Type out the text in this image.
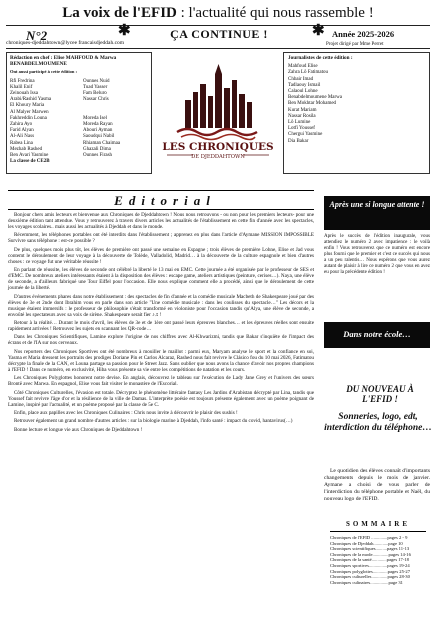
La voix de l'EFID : l'actualité qui nous rassemble !
N°2	✱	ÇA CONTINUE !	✱ Année 2025-2026
chroniques-djeddahtown@lycee francaisdjeddah.com	Projet dirigé par Mme Perret
Rédaction en chef : Elise MAHFOUD & Marwa BENABDELMOUMENE
Ont aussi participé à cette édition :
Rfi Fredrina
Khalil Enif
Zeinouah Issa
Arabi/Rashid Yasma
El Khoury Maria
Al Malyer Marwen
Fakhreddin Louna
Zahira Ayo
Farid Alyan
Al-Ali Nass
Rabea Lina
Mezhab Rashed
Ben Avari Yasmine
La classe de CE2B
Ounnes Nuid
Tuad Yasser
Fam Beluro
Nassar Chris
Moreda Isel
Moreda Rayan
Abouri Ayman
Saoudqui Nabil
Rhiaman Chaimaa
Ghazali Dima
Ounnes Firash
LES CHRONIQUES
DE DJEDDAHTOWN
Journalistes de cette édition :
Mahfoud Elise
Zahra Lô Fatimatou
Chbair Imad
Tadlaouy Ismail
Calaoul Lohne
Benabdelmoumene Marwa
Ben Mokhtar Mohamed
Kurat Mariam
Nassar Rosila
Lô Lumine
Lotfi Youssef
Chergui Yasmine
Dia Bakar
Editorial

Bonjour chers amis lecteurs et bienvenue aux Chroniques de Djeddahtown ! Nous nous retrouvons - ou non pour les premiers lecteurs- pour une deuxième édition tant attendue. Vous y retrouverez à travers divers articles les actualités de l'établissement en cette fin d'année avec les spectacles, les voyages scolaires.. mais aussi les actualités à Djeddah et dans le monde.

Récemment, les téléphones portables ont été interdits dans l'établissement ; apprenez en plus dans l'article d'Aymane MISSION IMPOSSIBLE Survivre sans téléphone : est-ce possible ?

De plus, quelques mois plus tôt, les élèves de première ont passé une semaine en Espagne ; trois élèves de première Lohne, Elise et Jad vous contemt le déroulement de leur voyage à la découverte de Tolède, Valladolid, Madrid… à la découverte de la culture espagnole et bien d'autres choses : ce voyage fut une véritable réussite !

En parlant de réussite, les élèves de seconde ont célébré la liberté le 13 mai en EMC. Cette journée a été organisée par le professeur de SES et d'EMC. De nombreux ateliers intéressants étaient à la disposition des élèves : escape game, ateliers artistiques (peinture, cerises…). Naya, une élève de seconde, a d'ailleurs fabriqué une Tour Eiffel pour l'occasion. Elle nous explique comment elle a procédé, ainsi que le déroulement de cette journée de la liberté.

D'autres événements phares dans notre établissement : des spectacles de fin d'année et la comédie musicale Macbeth de Shakespeare joué par des élèves de 3e et 2nde dont Ibrahim vous en parle dans son article "Une comédie musicale : dans les coulisses du spectacle…" Les décors et la musique étaient immersifs : le professeur de philosophie s'était transformé en violoniste pour l'occasion tandis qu'Alya, une élève de seconde, a envoûté les spectateurs avec sa voix de sirène. Shakespeare serait fier ♪♫ !

Retour à la réalité… Durant le mois d'avril, les élèves de 3e et de 1ère ont passé leurs épreuves blanches… et les épreuves réelles sont ensuite rapidement arrivées ! Retrouvez les sujets en scannant les QR-code…

Dans les Chroniques Scientifiques, Lamine explore l'origine de nos chiffres avec Al-Khwarizmi, tandis que Bakar s'inquiète de l'impact des écrans et de l'IA sur nos cerveaux.

Nos reporters des Chroniques Sportives ont été nombreux à mouiller le maillot : parmi eux, Maryam analyse le sport et la confiance en soi, Yasma et Maria dressent les portraits des prodiges Doriane Pin et Carlos Alcaraz, Rashed nous fait revivre le Clásico fou du 10 mai 2026, Fatimatou décrypte la finale de la CAN, et Louna partage sa passion pour le Street Jazz. Sans oublier que nous avons la chance d'avoir nos propres champions à l'EFID ! Dans ce numéro, en exclusivité, Hiba vous présente sa vie entre les compétitions de natation et les cours.

Les Chroniques Polyglottes honorent notre devise. En anglais, découvrez le tableau sur l'exécution de Lady Jane Grey et l'univers des sœurs Brontë avec Marwa. En espagnol, Elise vous fait visiter le monastère de l'Escorial.

Côté Chroniques Culturelles, l'évasion est totale. Décryptez le phénomène littéraire fantasy Les Jardins d'Arabistan décrypté par Lina, tandis que Youssef fait revivre l'âge d'or et la résilience de la ville de Damas. L'interprète poésie est toujours présente également avec un poème poignant de Lamine, inspiré par l'actualité, et un poème proposé par la classe de 5e C.

Enfin, place aux papilles avec les Chroniques Culinaires : Chris nous invite à découvrir le plaisir des sushis !

Retrouver également un grand nombre d'autres articles : sur la biologie marine à Djeddah, l'info santé : impact du covid, hantavirus(…)

Bonne lecture et longue vie aux Chroniques de Djeddahtown !

Après une si longue attente !

Après le succès de l'édition inaugurale, vous attendiez le numéro 2 avec impatience : le voilà enfin ! Vous retrouverez que ce numéro est encore plus fourni que le premier et c'est ce succès qui nous a un peu ralentis… Nous espérons que vous aurez autant de plaisir à lire ce numéro 2 que vous en avez eu pour la précédente édition !

Dans notre école…
DU NOUVEAU À L'EFID !
Sonneries, logo, edt, interdiction du téléphone…

Le quotidien des élèves connaît d'importants changements depuis le mois de janvier. Aymane a choisi de vous parler de l'interdiction du téléphone portable et Naël, du nouveau logo de l'EFID.

SOMMAIRE
Chroniques de l'EFID ..............pages 2 - 9
Chroniques de Djeddah.............page 10
Chroniques scientifiques..........pages 11-13
Chroniques de la mode..............pages 14-16
Chroniques de la santé.............pages 17-18
Chroniques sportives................pages 19-24
Chroniques polyglottes.............pages 25-27
Chroniques culturelles..............pages 28-30
Chroniques culinaires................page 31
